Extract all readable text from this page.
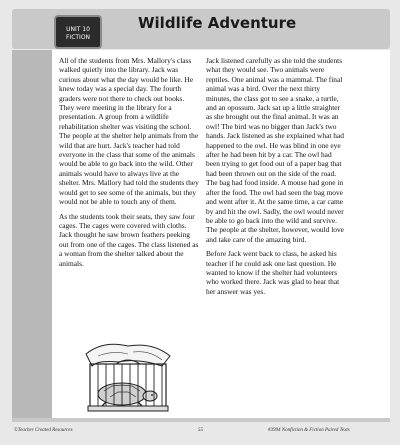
UNIT 10
FICTION
Wildlife Adventure

All of the students from Mrs. Mallory's class walked quietly into the library. Jack was curious about what the day would be like. He knew today was a special day. The fourth graders were not there to check out books. They were meeting in the library for a presentation. A group from a wildlife rehabilitation shelter was visiting the school. The people at the shelter help animals from the wild that are hurt. Jack's teacher had told everyone in the class that some of the animals would be able to go back into the wild. Other animals would have to always live at the shelter. Mrs. Mallory had told the students they would get to see some of the animals, but they would not be able to touch any of them.

As the students took their seats, they saw four cages. The cages were covered with cloths. Jack thought he saw brown feathers peeking out from one of the cages. The class listened as a woman from the shelter talked about the animals.

Jack listened carefully as she told the students what they would see. Two animals were reptiles. One animal was a mammal. The final animal was a bird. Over the next thirty minutes, the class got to see a snake, a turtle, and an opossum. Jack sat up a little straighter as she brought out the final animal. It was an owl! The bird was no bigger than Jack's two hands. Jack listened as she explained what had happened to the owl. He was blind in one eye after he had been hit by a car. The owl had been trying to get food out of a paper bag that had been thrown out on the side of the road. The bag had food inside. A mouse had gone in after the food. The owl had seen the bag move and went after it. At the same time, a car came by and hit the owl. Sadly, the owl would never be able to go back into the wild and survive. The people at the shelter, however, would love and take care of the amazing bird.

Before Jack went back to class, he asked his teacher if he could ask one last question. He wanted to know if the shelter had volunteers who worked there. Jack was glad to hear that her answer was yes.

©Teacher Created Resources	55	#3994 Nonfiction & Fiction Paired Texts
